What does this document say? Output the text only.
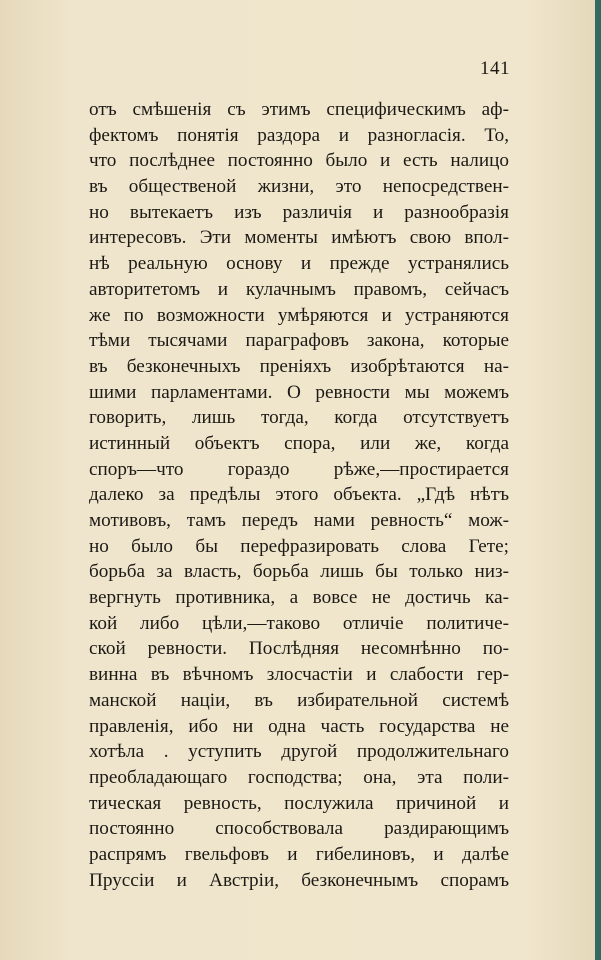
141
отъ смѣшенія съ этимъ специфическимъ аф-
фектомъ понятія раздора и разногласія. То,
что послѣднее постоянно было и есть налицо
въ общественой жизни, это непосредствен-
но вытекаетъ изъ различія и разнообразія
интересовъ. Эти моменты имѣютъ свою впол-
нѣ реальную основу и прежде устранялись
авторитетомъ и кулачнымъ правомъ, сейчасъ
же по возможности умѣряются и устраняются
тѣми тысячами параграфовъ закона, которые
въ безконечныхъ преніяхъ изобрѣтаются на-
шими парламентами. О ревности мы можемъ
говорить, лишь тогда, когда отсутствуетъ
истинный объектъ спора, или же, когда
споръ—что гораздо рѣже,—простирается
далеко за предѣлы этого объекта. „Гдѣ нѣтъ
мотивовъ, тамъ передъ нами ревность“ мож-
но было бы перефразировать слова Гете;
борьба за власть, борьба лишь бы только низ-
вергнуть противника, а вовсе не достичь ка-
кой либо цѣли,—таково отличіе политиче-
ской ревности. Послѣдняя несомнѣнно по-
винна въ вѣчномъ злосчастіи и слабости гер-
манской націи, въ избирательной системѣ
правленія, ибо ни одна часть государства не
хотѣла . уступить другой продолжительнаго
преобладающаго господства; она, эта поли-
тическая ревность, послужила причиной и
постоянно способствовала раздирающимъ
распрямъ гвельфовъ и гибелиновъ, и далѣе
Пруссіи и Австріи, безконечнымъ спорамъ
